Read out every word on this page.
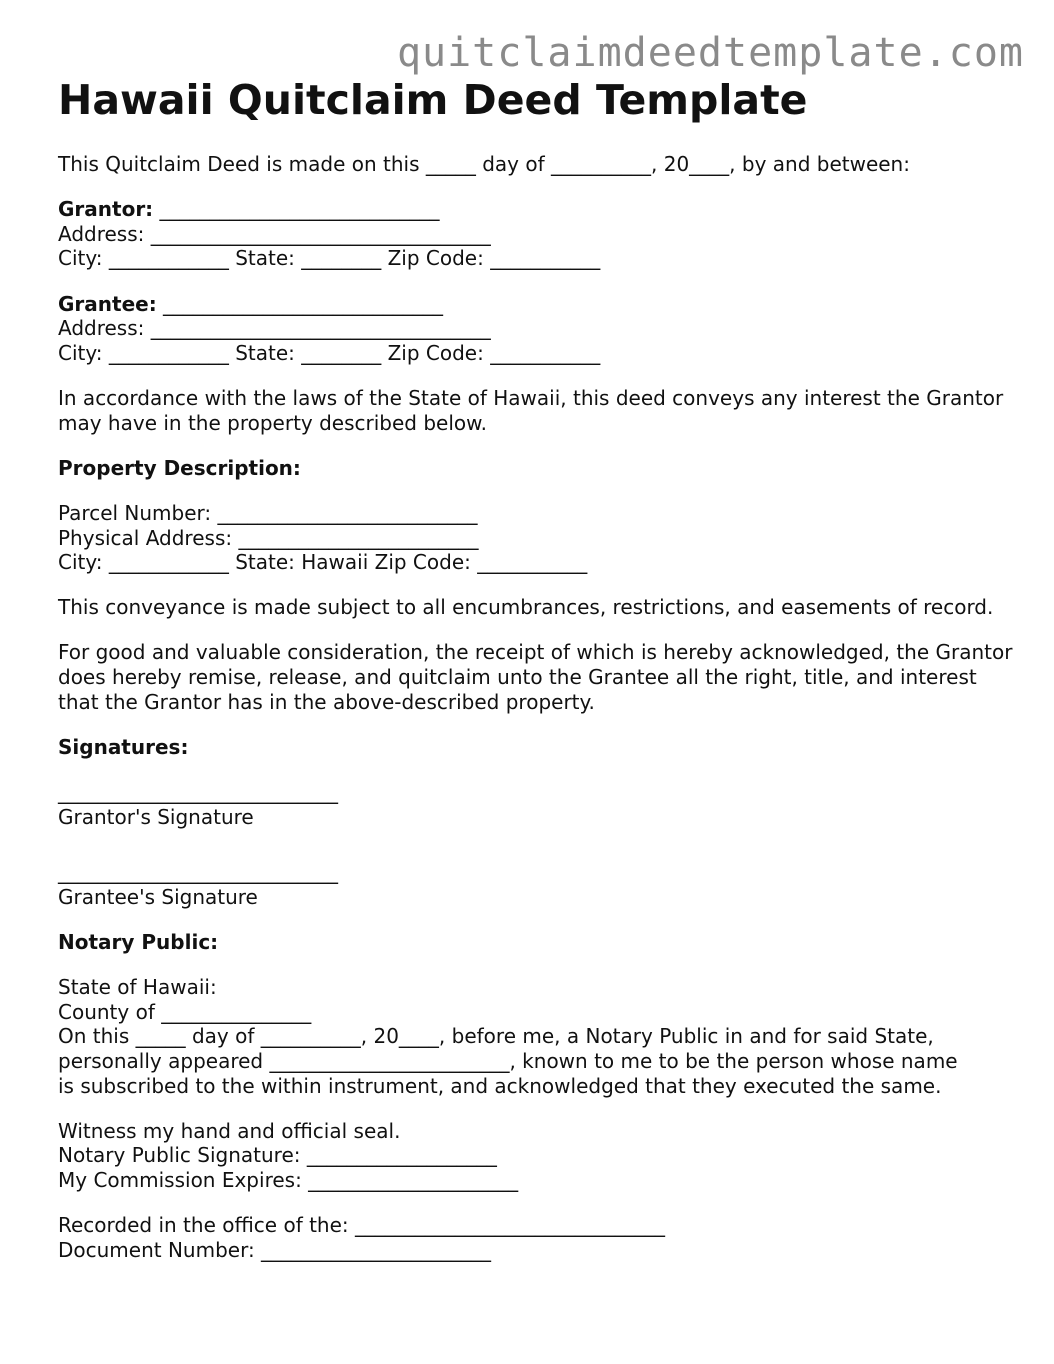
quitclaimdeedtemplate.com
Hawaii Quitclaim Deed Template

This Quitclaim Deed is made on this _____ day of __________, 20____, by and between:

Grantor: ____________________________
Address: __________________________________
City: ____________ State: ________ Zip Code: ___________

Grantee: ____________________________
Address: __________________________________
City: ____________ State: ________ Zip Code: ___________

In accordance with the laws of the State of Hawaii, this deed conveys any interest the Grantor may have in the property described below.

Property Description:

Parcel Number: __________________________
Physical Address: ________________________
City: ____________ State: Hawaii Zip Code: ___________

This conveyance is made subject to all encumbrances, restrictions, and easements of record.

For good and valuable consideration, the receipt of which is hereby acknowledged, the Grantor does hereby remise, release, and quitclaim unto the Grantee all the right, title, and interest that the Grantor has in the above-described property.

Signatures:

____________________________
Grantor's Signature
____________________________
Grantee's Signature

Notary Public:

State of Hawaii:
County of _______________
On this _____ day of __________, 20____, before me, a Notary Public in and for said State,
personally appeared ________________________, known to me to be the person whose name
is subscribed to the within instrument, and acknowledged that they executed the same.

Witness my hand and official seal.
Notary Public Signature: ___________________
My Commission Expires: _____________________

Recorded in the office of the: _______________________________
Document Number: _______________________
